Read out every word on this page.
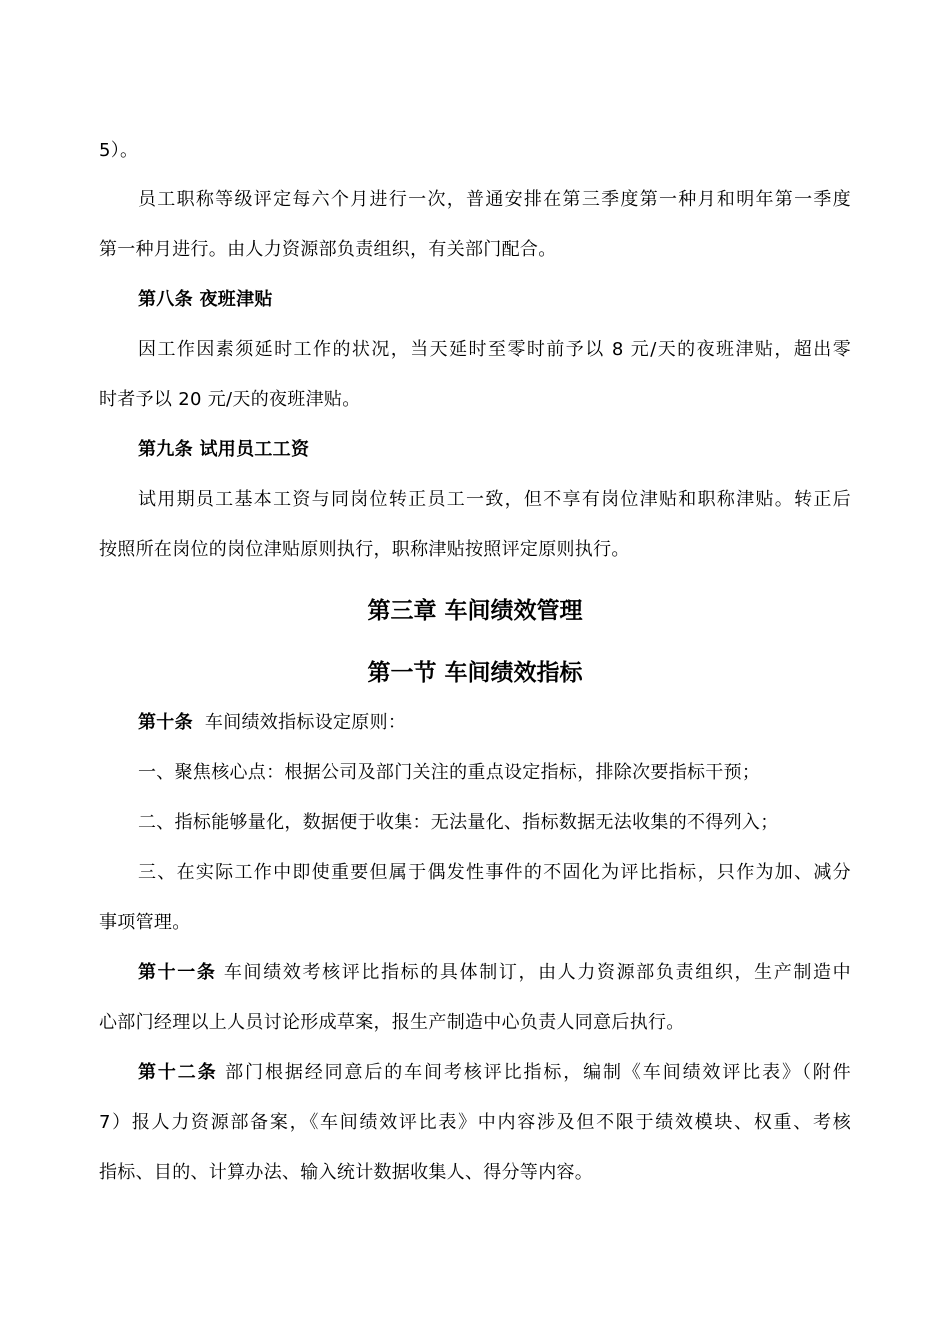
5）。
员工职称等级评定每六个月进行一次，普通安排在第三季度第一种月和明年第一季度
第一种月进行。由人力资源部负责组织，有关部门配合。
第八条 夜班津贴
因工作因素须延时工作的状况，当天延时至零时前予以 8 元/天的夜班津贴，超出零
时者予以 20 元/天的夜班津贴。
第九条 试用员工工资
试用期员工基本工资与同岗位转正员工一致，但不享有岗位津贴和职称津贴。转正后
按照所在岗位的岗位津贴原则执行，职称津贴按照评定原则执行。
第三章 车间绩效管理
第一节 车间绩效指标
第十条 车间绩效指标设定原则：
一、聚焦核心点：根据公司及部门关注的重点设定指标，排除次要指标干预；
二、指标能够量化，数据便于收集：无法量化、指标数据无法收集的不得列入；
三、在实际工作中即使重要但属于偶发性事件的不固化为评比指标，只作为加、减分
事项管理。
第十一条 车间绩效考核评比指标的具体制订，由人力资源部负责组织，生产制造中
心部门经理以上人员讨论形成草案，报生产制造中心负责人同意后执行。
第十二条 部门根据经同意后的车间考核评比指标，编制《车间绩效评比表》（附件
7）报人力资源部备案，《车间绩效评比表》中内容涉及但不限于绩效模块、权重、考核
指标、目的、计算办法、输入统计数据收集人、得分等内容。
